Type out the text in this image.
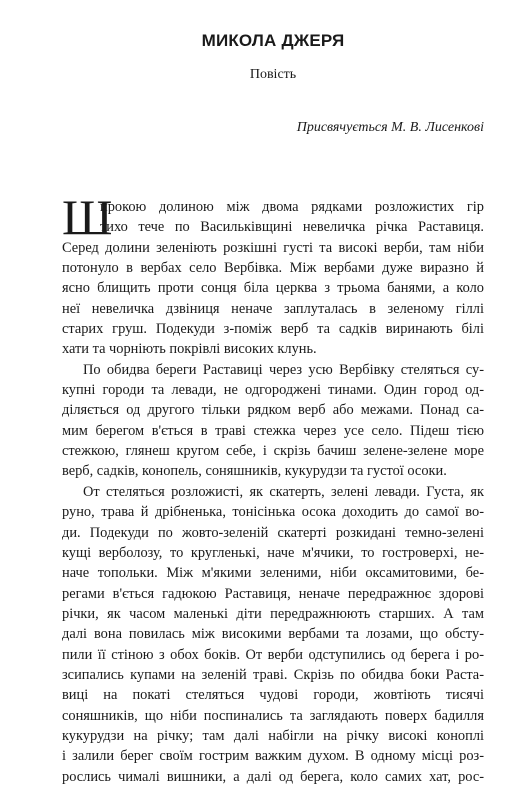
МИКОЛА ДЖЕРЯ
Повість
Присвячується М. В. Лисенкові
Ш
ирокою долиною між двома рядками розложистих гір
тихо тече по Васильківщині невеличка річка Раставиця.
Серед долини зеленіють розкішні густі та високі верби, там ніби
потонуло в вербах село Вербівка. Між вербами дуже виразно й
ясно блищить проти сонця біла церква з трьома банями, а коло
неї невеличка дзвіниця неначе заплуталась в зеленому гіллі
старих груш. Подекуди з-поміж верб та садків виринають білі
хати та чорніють покрівлі високих клунь.
По обидва береги Раставиці через усю Вербівку стеляться су-
купні городи та левади, не одгороджені тинами. Один город од-
діляється од другого тільки рядком верб або межами. Понад са-
мим берегом в'ється в траві стежка через усе село. Підеш тією
стежкою, глянеш кругом себе, і скрізь бачиш зелене-зелене море
верб, садків, конопель, соняшників, кукурудзи та густої осоки.
От стеляться розложисті, як скатерть, зелені левади. Густа, як
руно, трава й дрібненька, тонісінька осока доходить до самої во-
ди. Подекуди по жовто-зеленій скатерті розкидані темно-зелені
кущі верболозу, то кругленькі, наче м'ячики, то гостроверхі, не-
наче топольки. Між м'якими зеленими, ніби оксамитовими, бе-
регами в'ється гадюкою Раставиця, неначе передражнює здорові
річки, як часом маленькі діти передражнюють старших. А там
далі вона повилась між високими вербами та лозами, що обсту-
пили її стіною з обох боків. От верби одступились од берега і ро-
зсипались купами на зеленій траві. Скрізь по обидва боки Раста-
виці на покаті стеляться чудові городи, жовтіють тисячі
соняшників, що ніби поспинались та заглядають поверх бадилля
кукурудзи на річку; там далі набігли на річку високі коноплі
і залили берег своїм гострим важким духом. В одному місці роз-
рослись чималі вишники, а далі од берега, коло самих хат, рос-
